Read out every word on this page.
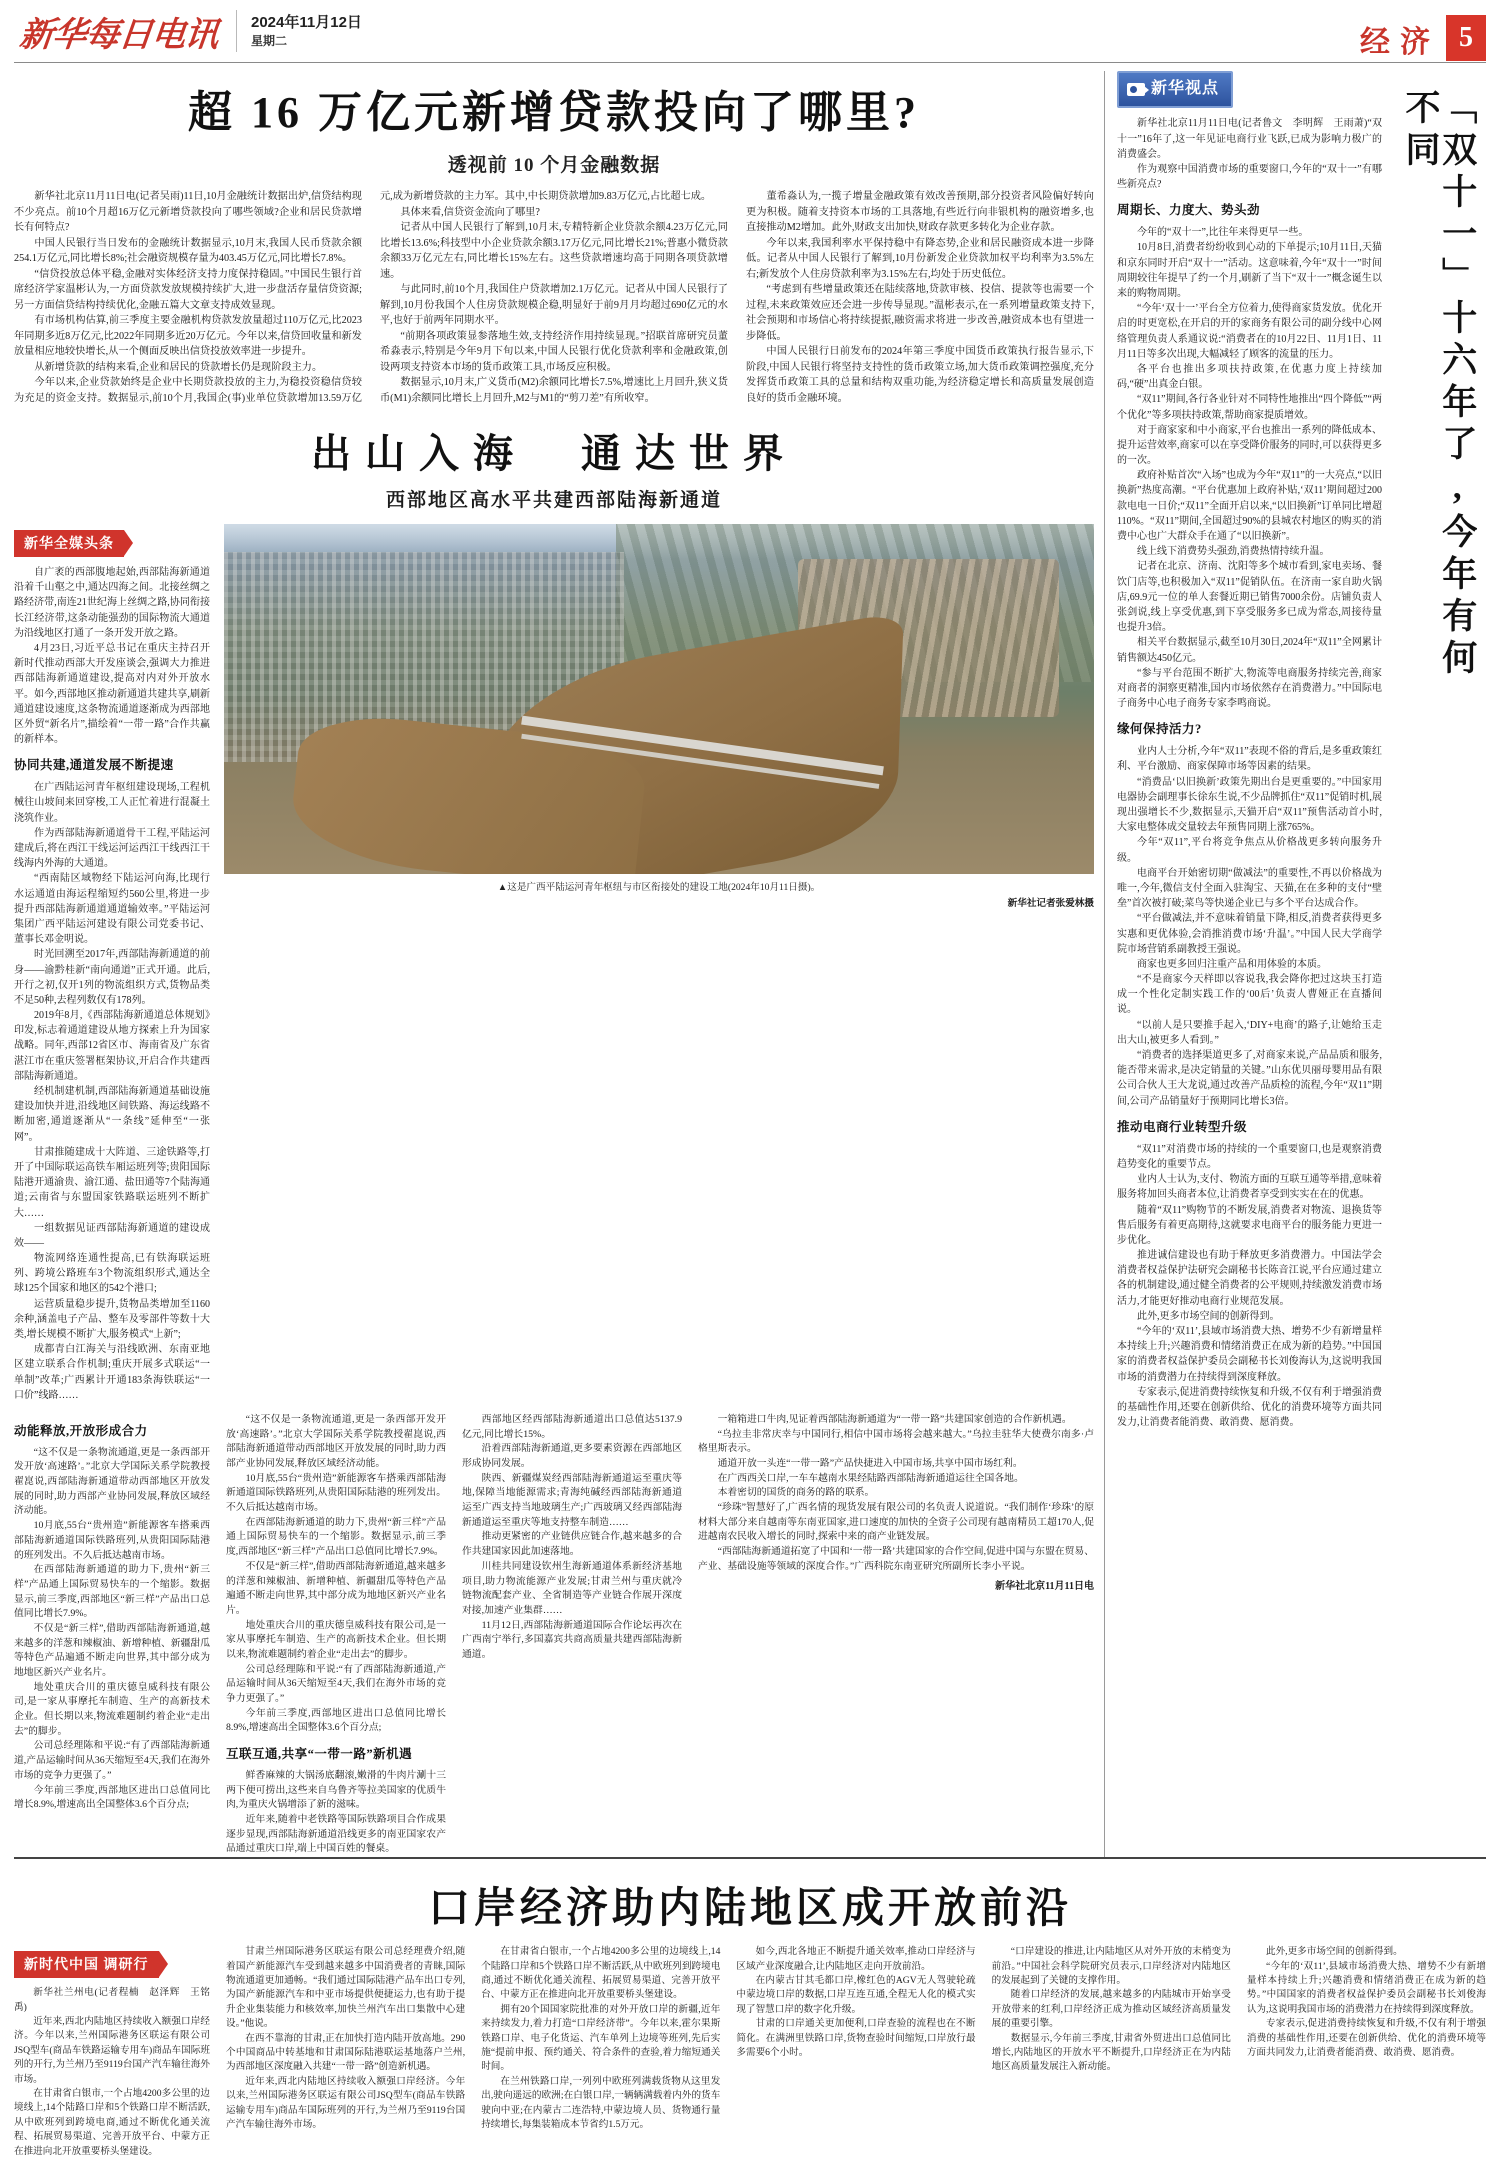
新华每日电讯 2024年11月12日
星期二	经济 5
超 16 万亿元新增贷款投向了哪里?
透视前 10 个月金融数据

新华社北京11月11日电(记者吴雨)11日,10月金融统计数据出炉,信贷结构现不少亮点。前10个月超16万亿元新增贷款投向了哪些领域?企业和居民贷款增长有何特点?

中国人民银行当日发布的金融统计数据显示,10月末,我国人民币贷款余额254.1万亿元,同比增长8%;社会融资规模存量为403.45万亿元,同比增长7.8%。

“信贷投放总体平稳,金融对实体经济支持力度保持稳固。”中国民生银行首席经济学家温彬认为,一方面贷款发放规模持续扩大,进一步盘活存量信贷资源;另一方面信贷结构持续优化,金融五篇大文章支持成效显现。

有市场机构估算,前三季度主要金融机构贷款发放量超过110万亿元,比2023年同期多近8万亿元,比2022年同期多近20万亿元。今年以来,信贷回收量和新发放量相应地较快增长,从一个侧面反映出信贷投放效率进一步提升。

从新增贷款的结构来看,企业和居民的贷款增长仍是现阶段主力。

今年以来,企业贷款始终是企业中长期贷款投放的主力,为稳投资稳信贷较为充足的资金支持。数据显示,前10个月,我国企(事)业单位贷款增加13.59万亿元,成为新增贷款的主力军。其中,中长期贷款增加9.83万亿元,占比超七成。

具体来看,信贷资金流向了哪里?

记者从中国人民银行了解到,10月末,专精特新企业贷款余额4.23万亿元,同比增长13.6%;科技型中小企业贷款余额3.17万亿元,同比增长21%;普惠小微贷款余额33万亿元左右,同比增长15%左右。这些贷款增速均高于同期各项贷款增速。

与此同时,前10个月,我国住户贷款增加2.1万亿元。记者从中国人民银行了解到,10月份我国个人住房贷款规模企稳,明显好于前9月月均超过690亿元的水平,也好于前两年同期水平。

“前期各项政策显参落地生效,支持经济作用持续显现。”招联首席研究员董希淼表示,特别是今年9月下旬以来,中国人民银行优化贷款利率和金融政策,创设两项支持资本市场的货币政策工具,市场反应积极。

数据显示,10月末,广义货币(M2)余额同比增长7.5%,增速比上月回升,狭义货币(M1)余额同比增长上月回升,M2与M1的“剪刀差”有所收窄。

董希淼认为,一揽子增量金融政策有效改善预期,部分投资者风险偏好转向更为积极。随着支持资本市场的工具落地,有些近行向非银机构的融资增多,也直接推动M2增加。此外,财政支出加快,财政存款更多转化为企业存款。

今年以来,我国利率水平保持稳中有降态势,企业和居民融资成本进一步降低。记者从中国人民银行了解到,10月份新发企业贷款加权平均利率为3.5%左右;新发放个人住房贷款利率为3.15%左右,均处于历史低位。

“考虑到有些增量政策还在陆续落地,贷款审核、投信、提款等也需要一个过程,未来政策效应还会进一步传导显现。”温彬表示,在一系列增量政策支持下,社会预期和市场信心将持续提振,融资需求将进一步改善,融资成本也有望进一步降低。

中国人民银行日前发布的2024年第三季度中国货币政策执行报告显示,下阶段,中国人民银行将坚持支持性的货币政策立场,加大货币政策调控强度,充分发挥货币政策工具的总量和结构双重功能,为经济稳定增长和高质量发展创造良好的货币金融环境。

出山入海　通达世界
西部地区高水平共建西部陆海新通道
新华全媒头条

自广袤的西部腹地起始,西部陆海新通道沿着千山壑之中,通达四海之间。北接丝绸之路经济带,南连21世纪海上丝绸之路,协同衔接长江经济带,这条动能强劲的国际物流大通道为沿线地区打通了一条开发开放之路。

4月23日,习近平总书记在重庆主持召开新时代推动西部大开发座谈会,强调大力推进西部陆海新通道建设,提高对内对外开放水平。如今,西部地区推动新通道共建共享,刷新通道建设速度,这条物流通道逐渐成为西部地区外贸“新名片”,描绘着“一带一路”合作共赢的新样本。

协同共建,通道发展不断提速

在广西陆运河青年枢纽建设现场,工程机械往山坡间来回穿梭,工人正忙着进行混凝土浇筑作业。

作为西部陆海新通道骨干工程,平陆运河建成后,将在西江干线运河运西江干线西江干线海内外海的大通道。

“西南陆区域物经下陆运河向海,比现行水运通道由海运程缩短约560公里,将进一步提升西部陆海新通道通道输效率。”平陆运河集团广西平陆运河建设有限公司党委书记、董事长邓金明说。

时光回溯至2017年,西部陆海新通道的前身——渝黔桂新“南向通道”正式开通。此后,开行之初,仅开1列的物流组织方式,货物品类不足50种,去程列数仅有178列。

2019年8月,《西部陆海新通道总体规划》印发,标志着通道建设从地方探索上升为国家战略。同年,西部12省区市、海南省及广东省湛江市在重庆签署框架协议,开启合作共建西部陆海新通道。

经机制建机制,西部陆海新通道基础设施建设加快并进,沿线地区间铁路、海运线路不断加密,通道逐渐从“一条线”延伸至“一张网”。

甘肃推随建成十大阵道、三途铁路等,打开了中国际联运高铁车厢运班列等;贵阳国际陆港开通渝贵、渝江通、盐田通等7个陆海通道;云南省与东盟国家铁路联运班列不断扩大……

一组数据见证西部陆海新通道的建设成效——

物流网络连通性提高,已有铁海联运班列、跨境公路班车3个物流组织形式,通达全球125个国家和地区的542个港口;

运营质量稳步提升,货物品类增加至1160余种,涵盖电子产品、整车及零部件等数十大类,增长规模不断扩大,服务模式“上新”;

成都青白江海关与沿线欧洲、东南亚地区建立联系合作机制;重庆开展多式联运“一单制”改革;广西累计开通183条海铁联运“一口价”线路……

▲这是广西平陆运河青年枢纽与市区衔接处的建设工地(2024年10月11日摄)。
新华社记者张爱林摄

动能释放,开放形成合力

“这不仅是一条物流通道,更是一条西部开发开放‘高速路’。”北京大学国际关系学院教授翟崑说,西部陆海新通道带动西部地区开放发展的同时,助力西部产业协同发展,释放区域经济动能。

10月底,55台“贵州造”新能源客车搭乘西部陆海新通道国际铁路班列,从贵阳国际陆港的班列发出。不久后抵达越南市场。

在西部陆海新通道的助力下,贵州“新三样”产品通上国际贸易快车的一个缩影。数据显示,前三季度,西部地区“新三样”产品出口总值同比增长7.9%。

不仅是“新三样”,借助西部陆海新通道,越来越多的洋葱和辣椒油、新增种植、新疆甜瓜等特色产品遍通不断走向世界,其中部分成为地地区新兴产业名片。

地处重庆合川的重庆德皇威科技有限公司,是一家从事摩托车制造、生产的高新技术企业。但长期以来,物流难题制约着企业“走出去”的脚步。

公司总经理陈和平说:“有了西部陆海新通道,产品运输时间从36天缩短至4天,我们在海外市场的竞争力更强了。”

今年前三季度,西部地区进出口总值同比增长8.9%,增速高出全国整体3.6个百分点;

“这不仅是一条物流通道,更是一条西部开发开放‘高速路’。”北京大学国际关系学院教授翟崑说,西部陆海新通道带动西部地区开放发展的同时,助力西部产业协同发展,释放区域经济动能。

10月底,55台“贵州造”新能源客车搭乘西部陆海新通道国际铁路班列,从贵阳国际陆港的班列发出。不久后抵达越南市场。

在西部陆海新通道的助力下,贵州“新三样”产品通上国际贸易快车的一个缩影。数据显示,前三季度,西部地区“新三样”产品出口总值同比增长7.9%。

不仅是“新三样”,借助西部陆海新通道,越来越多的洋葱和辣椒油、新增种植、新疆甜瓜等特色产品遍通不断走向世界,其中部分成为地地区新兴产业名片。

地处重庆合川的重庆德皇威科技有限公司,是一家从事摩托车制造、生产的高新技术企业。但长期以来,物流难题制约着企业“走出去”的脚步。

公司总经理陈和平说:“有了西部陆海新通道,产品运输时间从36天缩短至4天,我们在海外市场的竞争力更强了。”

今年前三季度,西部地区进出口总值同比增长8.9%,增速高出全国整体3.6个百分点;

互联互通,共享“一带一路”新机遇

鲜香麻辣的大锅汤底翻滚,嫩滑的牛肉片涮十三两下便可捞出,这些来自乌鲁齐等拉美国家的优质牛肉,为重庆火锅增添了新的滋味。

近年来,随着中老铁路等国际铁路项目合作成果逐步显现,西部陆海新通道沿线更多的南亚国家农产品通过重庆口岸,端上中国百姓的餐桌。

西部地区经西部陆海新通道出口总值达5137.9亿元,同比增长15%。

沿着西部陆海新通道,更多要素资源在西部地区形成协同发展。

陕西、新疆煤炭经西部陆海新通道运至重庆等地,保障当地能源需求;青海纯碱经西部陆海新通道运至广西支持当地玻璃生产;广西玻璃又经西部陆海新通道运至重庆等地支持整车制造……

推动更紧密的产业链供应链合作,越来越多的合作共建国家因此加速落地。

川桂共同建设钦州生海新通道体系新经济基地项目,助力物流能源产业发展;甘肃兰州与重庆就冷链物流配套产业、全省制造等产业链合作展开深度对接,加速产业集群……

11月12日,西部陆海新通道国际合作论坛再次在广西南宁举行,多国嘉宾共商高质量共建西部陆海新通道。

一箱箱进口牛肉,见证着西部陆海新通道为“一带一路”共建国家创造的合作新机遇。

“乌拉圭非常庆幸与中国同行,相信中国市场将会越来越大。”乌拉圭驻华大使费尔南多·卢格里斯表示。

通道开放一头连“一带一路”产品快捷进入中国市场,共享中国市场红利。

在广西西关口岸,一车车越南水果经陆路西部陆海新通道运往全国各地。

本着密切的国货的商务的路的联系。

“珍珠”智慧好了,广西名情的现货发展有限公司的名负责人说道说。“我们制作‘珍珠’的原材料大部分来自越南等东南亚国家,进口速度的加快的全资子公司现有越南精员工超170人,促进越南农民收入增长的同时,探索中来的商产业链发展。

“西部陆海新通道拓宽了中国和‘一带一路’共建国家的合作空间,促进中国与东盟在贸易、产业、基础设施等领域的深度合作。”广西科院东南亚研究所副所长李小平说。

新华社北京11月11日电
新华视点

新华社北京11月11日电(记者鲁文　李明辉　王雨萧)“双十一”16年了,这一年见证电商行业飞跃,已成为影响力极广的消费盛会。

作为观察中国消费市场的重要窗口,今年的“双十一”有哪些新亮点?

周期长、力度大、势头劲

今年的“双十一”,比往年来得更早一些。

10月8日,消费者纷纷收到心动的下单提示;10月11日,天猫和京东同时开启“双十一”活动。这意味着,今年“双十一”时间周期较往年提早了约一个月,刷新了当下“双十一”概念诞生以来的购物周期。

“今年‘双十一’平台全方位着力,使得商家货发放。优化开启的时更宽松,在开启的开的家商务有限公司的副分线中心网络管理负责人系通议说:“消费者在的10月22日、11月1日、11月11日等多次出现,大幅减轻了顾客的流量的压力。

各平台也推出多项扶持政策,在优惠力度上持续加码,“硬”出真金白银。

“双11”期间,各行各业针对不同特性地推出“四个降低”“两个优化”等多项扶持政策,帮助商家提质增效。

对于商家家和中小商家,平台也推出一系列的降低成本、提升运营效率,商家可以在享受降价服务的同时,可以获得更多的一次。

政府补贴首次“入场”也成为今年“双11”的一大亮点,“以旧换新”热度高潮。“平台优惠加上政府补贴,‘双11’期间超过200款电电一日价;“双11”全面开启以来,“以旧换新”订单同比增超110%。“双11”期间,全国超过90%的县城农村地区的购买的消费中心也广大群众手在通了“以旧换新”。

线上线下消费势头强劲,消费热情持续升温。

记者在北京、济南、沈阳等多个城市看到,家电卖场、餐饮门店等,也积极加入“双11”促销队伍。在济南一家自助火锅店,69.9元一位的单人套餐近期已销售7000余份。店铺负责人张剑说,线上享受优惠,到下享受服务多已成为常态,周接待量也提升3倍。

相关平台数据显示,截至10月30日,2024年“双11”全网累计销售额达450亿元。

“参与平台范围不断扩大,物流等电商服务持续完善,商家对商者的洞察更精准,国内市场依然存在消费潜力。”中国际电子商务中心电子商务专家李鸣商说。

缘何保持活力?

业内人士分析,今年“双11”表现不俗的背后,是多重政策红利、平台激励、商家保障市场等因素的结果。

“消费品‘以旧换新’政策先期出台是更重要的。”中国家用电器协会副理事长徐东生说,不少品牌抓住“双11”促销时机,展现出强增长不少,数据显示,天猫开启“双11”预售活动首小时,大家电整体成交量较去年预售同期上涨765%。

今年“双11”,平台将竞争焦点从价格战更多转向服务升级。

电商平台开始密切期“做减法”的重要性,不再以价格战为唯一,今年,微信支付全面入驻淘宝、天猫,在在多种的支付“壁垒”首次被打破;菜鸟等快递企业已与多个平台达成合作。

“平台做减法,并不意味着销量下降,相反,消费者获得更多实惠和更优体验,会消推消费市场‘升温’。”中国人民大学商学院市场营销系副教授王强说。

商家也更多回归注重产品和用体验的本质。

“不是商家今天样即以容说我,我会降你把过这块玉打造成一个性化定制实践工作的‘00后’负责人曹娅正在直播间说。

“以前人是只要推手起入,‘DIY+电商’的路子,让她给玉走出大山,被更多人看到。”

“消费者的选择渠道更多了,对商家来说,产品品质和服务,能否带来需求,是决定销量的关键。”山东优贝丽母婴用品有限公司合伙人王大龙说,通过改善产品质检的流程,今年“双11”期间,公司产品销量好于预期同比增长3倍。

推动电商行业转型升级

“双11”对消费市场的持续的一个重要窗口,也是观察消费趋势变化的重要节点。

业内人士认为,支付、物流方面的互联互通等举措,意味着服务将加回头商者本位,让消费者享受到实实在在的优惠。

随着“双11”购物节的不断发展,消费者对物流、退换货等售后服务有着更高期待,这就要求电商平台的服务能力更进一步优化。

推进诚信建设也有助于释放更多消费潜力。中国法学会消费者权益保护法研究会副秘书长陈音江说,平台应通过建立各的机制建设,通过健全消费者的公平规则,持续激发消费市场活力,才能更好推动电商行业规范发展。

此外,更多市场空间的创新得到。

“今年的‘双11’,县域市场消费大热、增势不少有新增量样本持续上升;兴趣消费和情绪消费正在成为新的趋势。”中国国家的消费者权益保护委员会副秘书长刘俊海认为,这说明我国市场的消费潜力在持续得到深度释放。

专家表示,促进消费持续恢复和升级,不仅有利于增强消费的基础性作用,还要在创新供给、优化的消费环境等方面共同发力,让消费者能消费、敢消费、愿消费。

「双十一」十六年了,今年有何不同
口岸经济助内陆地区成开放前沿
新时代中国 调研行

新华社兰州电(记者程楠　赵泽辉　王铭禹)

近年来,西北内陆地区持续收入额强口岸经济。今年以来,兰州国际港务区联运有限公司JSQ型车(商品车铁路运输专用车)商品车国际班列的开行,为兰州乃至9119台国产汽车输往海外市场。

在甘肃省白银市,一个占地4200多公里的边境线上,14个陆路口岸和5个铁路口岸不断活跃,从中欧班列到跨境电商,通过不断优化通关流程、拓展贸易渠道、完善开放平台、中蒙方正在推进向北开放重要桥头堡建设。

甘肃兰州国际港务区联运有限公司总经理费介绍,随着国产新能源汽车受到越来越多中国消费者的青睐,国际物流通道更加通畅。“我们通过国际陆港产品车出口专列,为国产新能源汽车和中亚市场提供便捷运力,也有助于提升企业集装能力和核效率,加快兰州汽车出口集散中心建设。”他说。

在西不靠海的甘肃,正在加快打造内陆开放高地。290个中国商品中转基地和甘肃国际陆港联运基地落户兰州,为西部地区深度融入共建“一带一路”创造新机遇。

近年来,西北内陆地区持续收入额强口岸经济。今年以来,兰州国际港务区联运有限公司JSQ型车(商品车铁路运输专用车)商品车国际班列的开行,为兰州乃至9119台国产汽车输往海外市场。

在甘肃省白银市,一个占地4200多公里的边境线上,14个陆路口岸和5个铁路口岸不断活跃,从中欧班列到跨境电商,通过不断优化通关流程、拓展贸易渠道、完善开放平台、中蒙方正在推进向北开放重要桥头堡建设。

拥有20个国国家院批准的对外开放口岸的新疆,近年来持续发力,着力打造“口岸经济带”。今年以来,霍尔果斯铁路口岸、电子化货运、汽车单列上边境等班列,先后实施“提前申报、预约通关、符合条件的查验,着力缩短通关时间。

在兰州铁路口岸,一列列中欧班列满载货物从这里发出,驶向遥远的欧洲;在白银口岸,一辆辆满载着内外的货车驶向中亚;在内蒙古二连浩特,中蒙边境人员、货物通行量持续增长,每集装箱成本节省约1.5万元。

如今,西北各地正不断提升通关效率,推动口岸经济与区域产业深度融合,让内陆地区走向开放前沿。

在内蒙古甘其毛都口岸,橡红色的AGV无人驾驶轮疏中蒙边境口岸的数据,口岸互连互通,全程无人化的模式实现了智慧口岸的数字化升级。

甘肃的口岸通关更加便利,口岸查验的流程也在不断简化。在满洲里铁路口岸,货物查验时间缩短,口岸放行最多需要6个小时。

“口岸建设的推进,让内陆地区从对外开放的末梢变为前沿。”中国社会科学院研究员表示,口岸经济对内陆地区的发展起到了关键的支撑作用。

随着口岸经济的发展,越来越多的内陆城市开始享受开放带来的红利,口岸经济正成为推动区域经济高质量发展的重要引擎。

数据显示,今年前三季度,甘肃省外贸进出口总值同比增长,内陆地区的开放水平不断提升,口岸经济正在为内陆地区高质量发展注入新动能。

此外,更多市场空间的创新得到。

“今年的‘双11’,县域市场消费大热、增势不少有新增量样本持续上升;兴趣消费和情绪消费正在成为新的趋势。”中国国家的消费者权益保护委员会副秘书长刘俊海认为,这说明我国市场的消费潜力在持续得到深度释放。

专家表示,促进消费持续恢复和升级,不仅有利于增强消费的基础性作用,还要在创新供给、优化的消费环境等方面共同发力,让消费者能消费、敢消费、愿消费。
